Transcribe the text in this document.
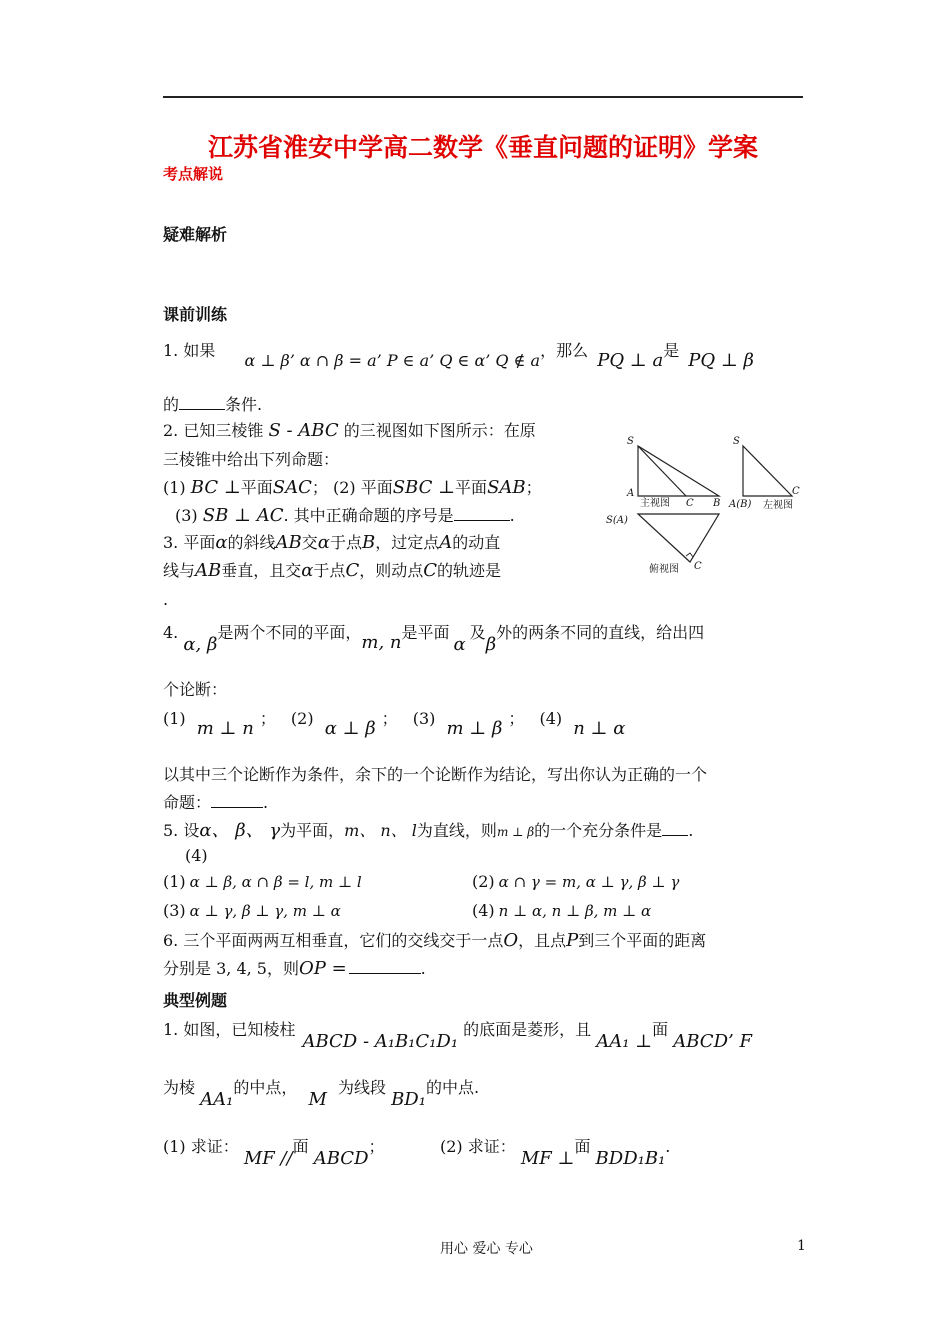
江苏省淮安中学高二数学《垂直问题的证明》学案
考点解说
疑难解析
课前训练
1. 如果 α ⊥ β’ α ∩ β = a’ P ∈ a’ Q ∈ α’ Q ∉ a，那么 PQ ⊥ a是 PQ ⊥ β
的	条件.
2. 已知三棱锥 S - ABC 的三视图如下图所示：在原
三棱锥中给出下列命题：
(1) BC ⊥平面SAC； (2) 平面SBC ⊥平面SAB；
(3) SB ⊥ AC. 其中正确命题的序号是	.
S
A
C B
主视图
S
A(B)
C
左视图
S(A)
C
俯视图
3. 平面α的斜线AB交α于点B，过定点A的动直
线与AB垂直，且交α于点C，则动点C的轨迹是
.
4. α, β是两个不同的平面，m, n是平面α及β外的两条不同的直线，给出四
个论断：
(1) m ⊥ n ； (2) α ⊥ β ； (3) m ⊥ β ； (4) n ⊥ α
以其中三个论断作为条件，余下的一个论断作为结论，写出你认为正确的一个
命题：	.
5. 设α、 β、 γ为平面，m、 n、 l为直线，则m ⊥ β的一个充分条件是 .
(4)
(1) α ⊥ β, α ∩ β = l, m ⊥ l	(2) α ∩ γ = m, α ⊥ γ, β ⊥ γ
(3) α ⊥ γ, β ⊥ γ, m ⊥ α	(4) n ⊥ α, n ⊥ β, m ⊥ α
6. 三个平面两两互相垂直，它们的交线交于一点O，且点P到三个平面的距离
分别是 3, 4, 5，则OP =	.
典型例题
1. 如图，已知棱柱 ABCD - A₁B₁C₁D₁ 的底面是菱形，且 AA₁ ⊥面 ABCD’ F
为棱 AA₁的中点， M 为线段 BD₁的中点.
(1) 求证： MF //面 ABCD；	(2) 求证： MF ⊥面 BDD₁B₁.
用心 爱心 专心	1
